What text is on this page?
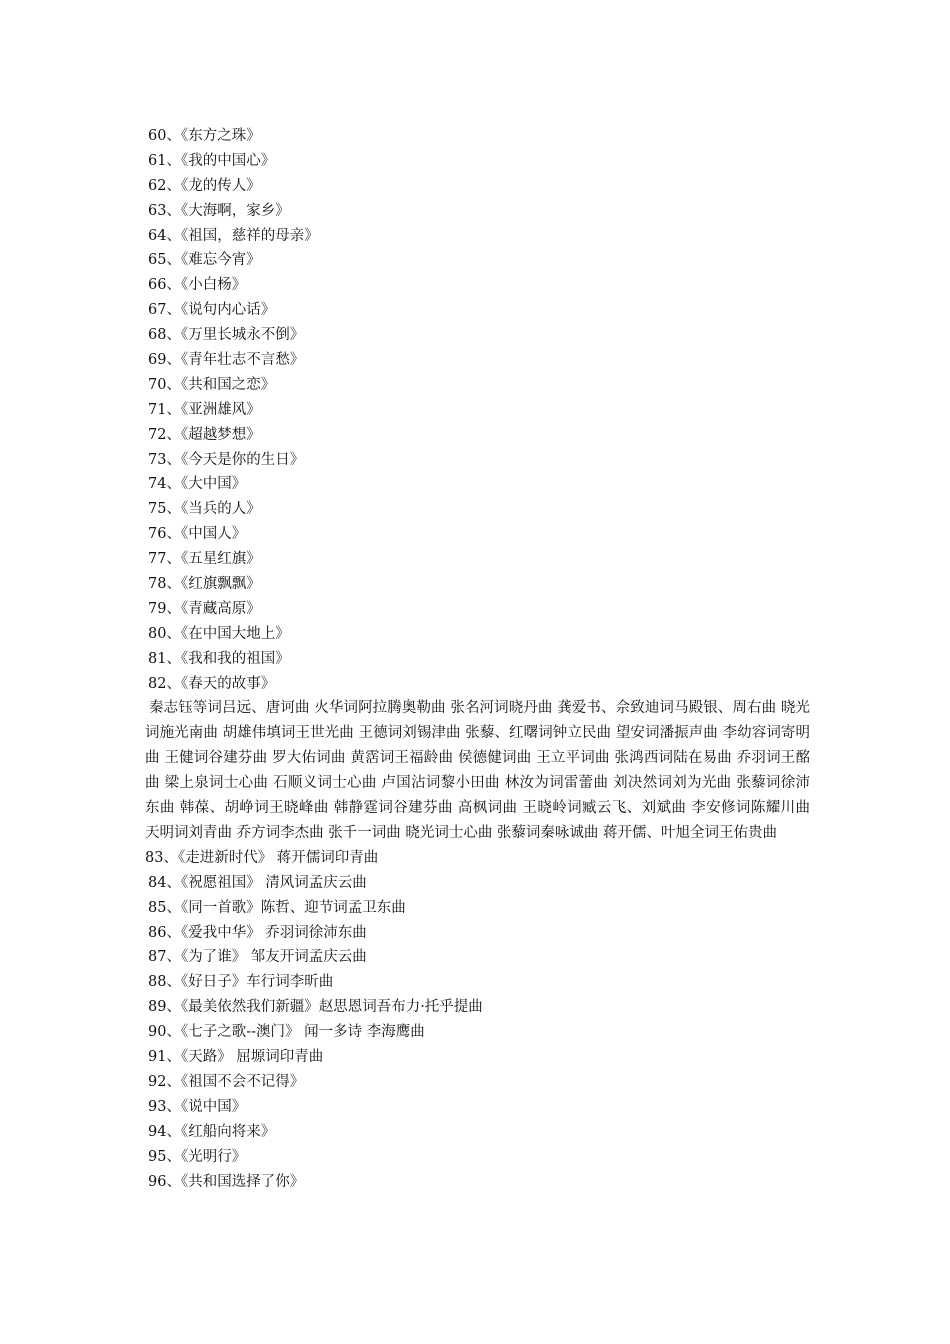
60、《东方之珠》
61、《我的中国心》
62、《龙的传人》
63、《大海啊，家乡》
64、《祖国，慈祥的母亲》
65、《难忘今宵》
66、《小白杨》
67、《说句内心话》
68、《万里长城永不倒》
69、《青年壮志不言愁》
70、《共和国之恋》
71、《亚洲雄风》
72、《超越梦想》
73、《今天是你的生日》
74、《大中国》
75、《当兵的人》
76、《中国人》
77、《五星红旗》
78、《红旗飘飘》
79、《青藏高原》
80、《在中国大地上》
81、《我和我的祖国》
82、《春天的故事》
秦志钰等词吕远、唐诃曲 火华词阿拉腾奥勒曲 张名河词晓丹曲 龚爱书、佘致迪词马殿银、周右曲 晓光词施光南曲 胡雄伟填词王世光曲 王德词刘锡津曲 张藜、红曙词钟立民曲 望安词潘振声曲 李幼容词寄明曲 王健词谷建芬曲 罗大佑词曲 黄霑词王福龄曲 侯德健词曲 王立平词曲 张鸿西词陆在易曲 乔羽词王酩曲 梁上泉词士心曲 石顺义词士心曲 卢国沾词黎小田曲 林汝为词雷蕾曲 刘决然词刘为光曲 张藜词徐沛东曲 韩葆、胡峥词王晓峰曲 韩静霆词谷建芬曲 高枫词曲 王晓岭词臧云飞、刘斌曲 李安修词陈耀川曲 天明词刘青曲 乔方词李杰曲 张千一词曲 晓光词士心曲 张藜词秦咏诚曲 蒋开儒、叶旭全词王佑贵曲
83、《走进新时代》 蒋开儒词印青曲
84、《祝愿祖国》 清风词孟庆云曲
85、《同一首歌》陈哲、迎节词孟卫东曲
86、《爱我中华》 乔羽词徐沛东曲
87、《为了谁》 邹友开词孟庆云曲
88、《好日子》车行词李昕曲
89、《最美依然我们新疆》赵思恩词吾布力·托乎提曲
90、《七子之歌--澳门》 闻一多诗 李海鹰曲
91、《天路》 屈塬词印青曲
92、《祖国不会不记得》
93、《说中国》
94、《红船向将来》
95、《光明行》
96、《共和国选择了你》
